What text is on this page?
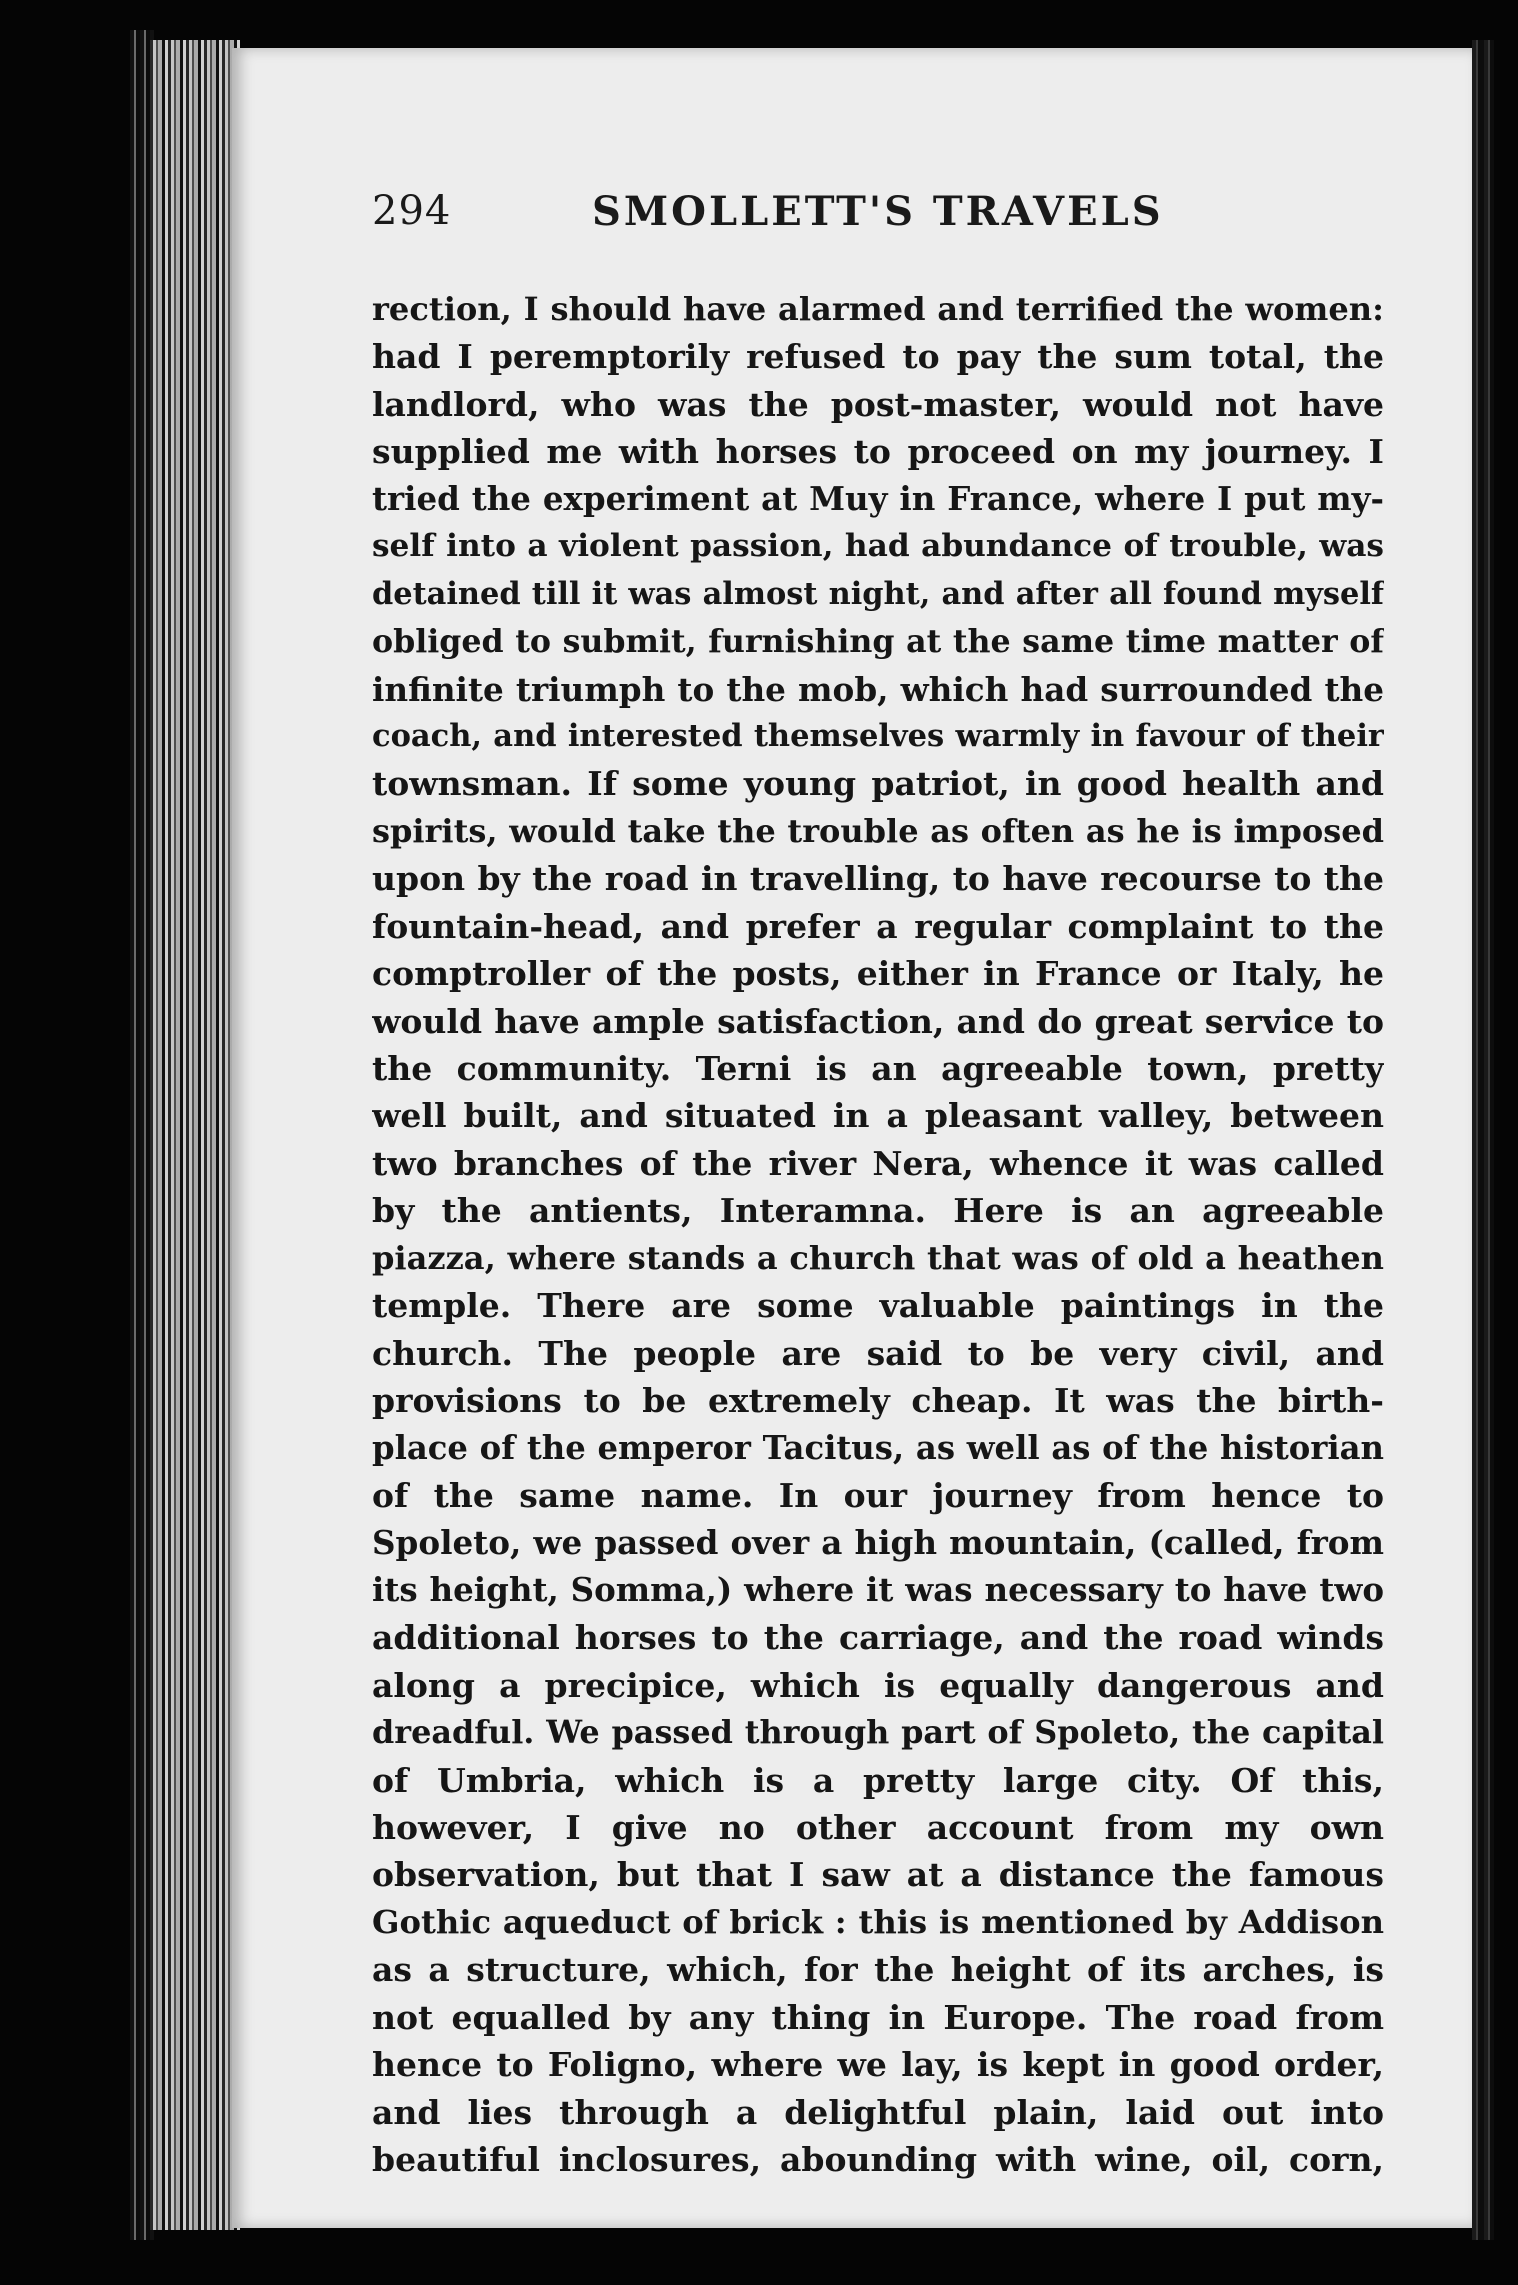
294	SMOLLETT'S TRAVELS
rection, I should have alarmed and terrified the women:
had I peremptorily refused to pay the sum total, the
landlord, who was the post-master, would not have
supplied me with horses to proceed on my journey. I
tried the experiment at Muy in France, where I put my-
self into a violent passion, had abundance of trouble, was
detained till it was almost night, and after all found myself
obliged to submit, furnishing at the same time matter of
infinite triumph to the mob, which had surrounded the
coach, and interested themselves warmly in favour of their
townsman. If some young patriot, in good health and
spirits, would take the trouble as often as he is imposed
upon by the road in travelling, to have recourse to the
fountain-head, and prefer a regular complaint to the
comptroller of the posts, either in France or Italy, he
would have ample satisfaction, and do great service to
the community. Terni is an agreeable town, pretty
well built, and situated in a pleasant valley, between
two branches of the river Nera, whence it was called
by the antients, Interamna. Here is an agreeable
piazza, where stands a church that was of old a heathen
temple. There are some valuable paintings in the
church. The people are said to be very civil, and
provisions to be extremely cheap. It was the birth-
place of the emperor Tacitus, as well as of the historian
of the same name. In our journey from hence to
Spoleto, we passed over a high mountain, (called, from
its height, Somma,) where it was necessary to have two
additional horses to the carriage, and the road winds
along a precipice, which is equally dangerous and
dreadful. We passed through part of Spoleto, the capital
of Umbria, which is a pretty large city. Of this,
however, I give no other account from my own
observation, but that I saw at a distance the famous
Gothic aqueduct of brick : this is mentioned by Addison
as a structure, which, for the height of its arches, is
not equalled by any thing in Europe. The road from
hence to Foligno, where we lay, is kept in good order,
and lies through a delightful plain, laid out into
beautiful inclosures, abounding with wine, oil, corn,
